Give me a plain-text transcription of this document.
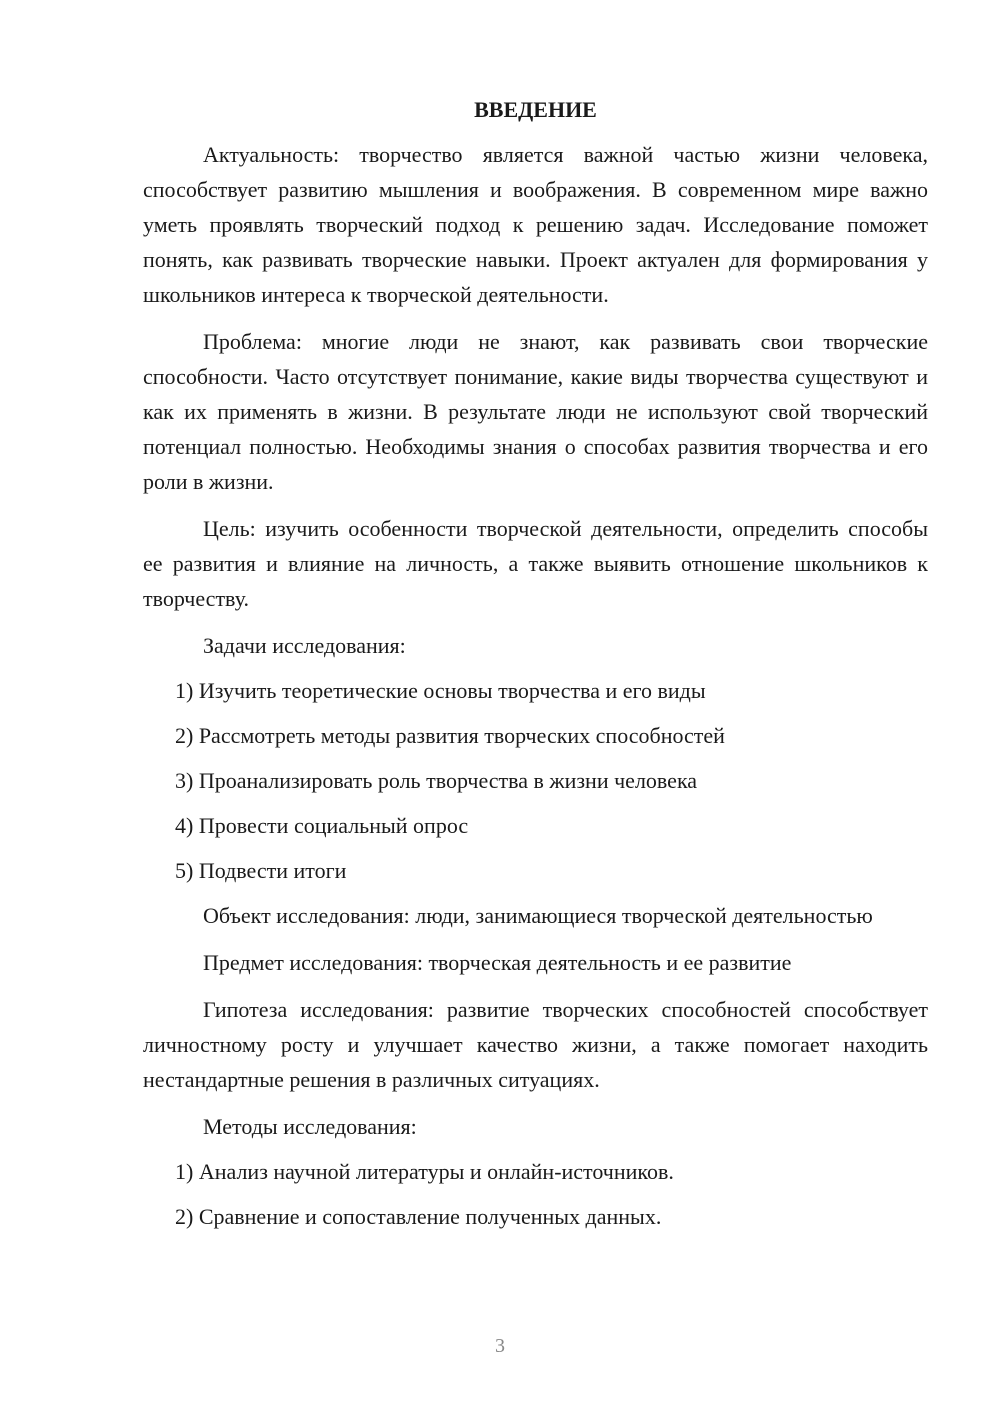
ВВЕДЕНИЕ

Актуальность: творчество является важной частью жизни человека, способствует развитию мышления и воображения. В современном мире важно уметь проявлять творческий подход к решению задач. Исследование поможет понять, как развивать творческие навыки. Проект актуален для формирования у школьников интереса к творческой деятельности.

Проблема: многие люди не знают, как развивать свои творческие способности. Часто отсутствует понимание, какие виды творчества существуют и как их применять в жизни. В результате люди не используют свой творческий потенциал полностью. Необходимы знания о способах развития творчества и его роли в жизни.

Цель: изучить особенности творческой деятельности, определить способы ее развития и влияние на личность, а также выявить отношение школьников к творчеству.

Задачи исследования:

1) Изучить теоретические основы творчества и его виды

2) Рассмотреть методы развития творческих способностей

3) Проанализировать роль творчества в жизни человека

4) Провести социальный опрос

5) Подвести итоги

Объект исследования: люди, занимающиеся творческой деятельностью

Предмет исследования: творческая деятельность и ее развитие

Гипотеза исследования: развитие творческих способностей способствует личностному росту и улучшает качество жизни, а также помогает находить нестандартные решения в различных ситуациях.

Методы исследования:

1) Анализ научной литературы и онлайн-источников.

2) Сравнение и сопоставление полученных данных.

3
